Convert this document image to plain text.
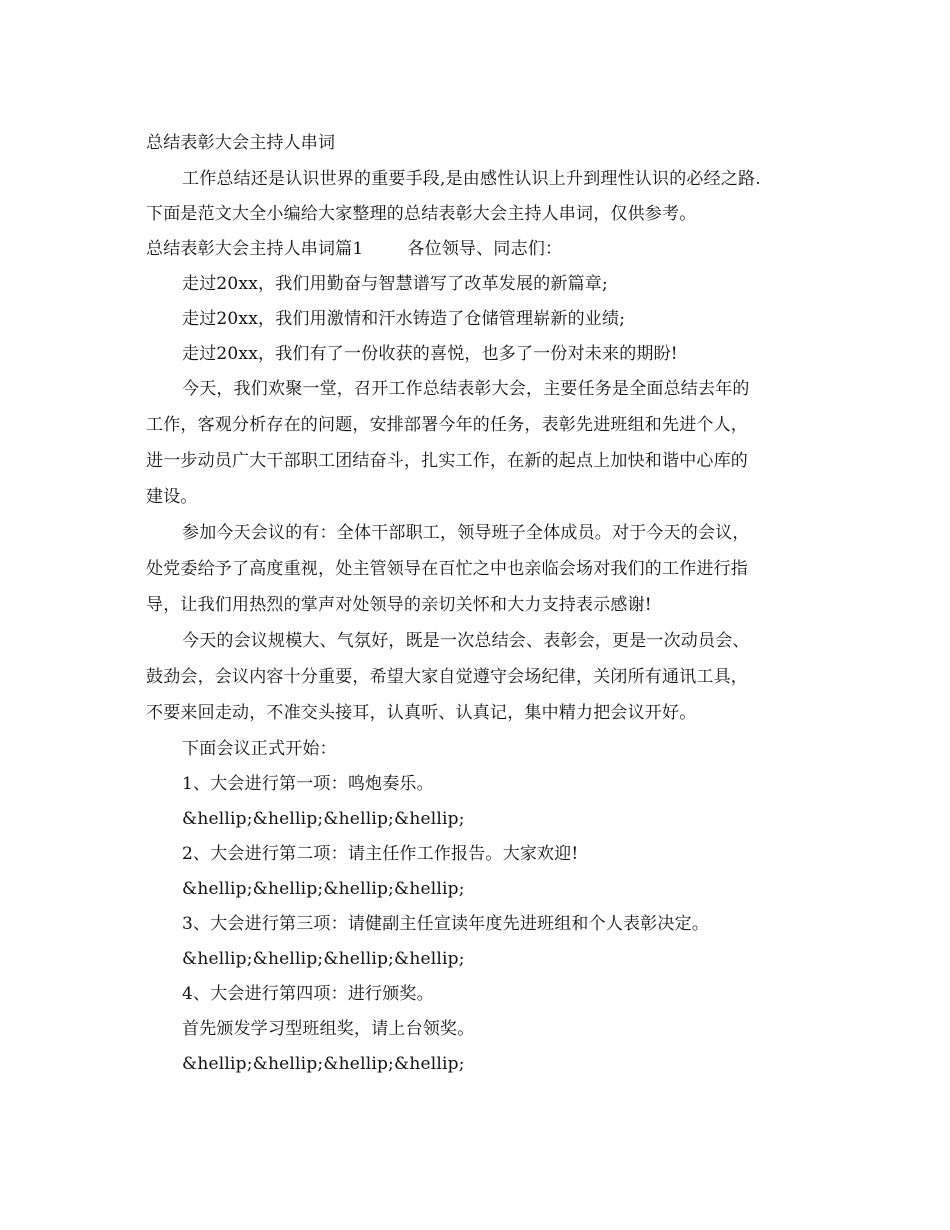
总结表彰大会主持人串词
工作总结还是认识世界的重要手段,是由感性认识上升到理性认识的必经之路.
下面是范文大全小编给大家整理的总结表彰大会主持人串词，仅供参考。
总结表彰大会主持人串词篇1	各位领导、同志们：
走过20xx，我们用勤奋与智慧谱写了改革发展的新篇章;
走过20xx，我们用激情和汗水铸造了仓储管理崭新的业绩;
走过20xx，我们有了一份收获的喜悦，也多了一份对未来的期盼!
今天，我们欢聚一堂，召开工作总结表彰大会，主要任务是全面总结去年的
工作，客观分析存在的问题，安排部署今年的任务，表彰先进班组和先进个人，
进一步动员广大干部职工团结奋斗，扎实工作，在新的起点上加快和谐中心库的
建设。
参加今天会议的有：全体干部职工，领导班子全体成员。对于今天的会议，
处党委给予了高度重视，处主管领导在百忙之中也亲临会场对我们的工作进行指
导，让我们用热烈的掌声对处领导的亲切关怀和大力支持表示感谢!
今天的会议规模大、气氛好，既是一次总结会、表彰会，更是一次动员会、
鼓劲会，会议内容十分重要，希望大家自觉遵守会场纪律，关闭所有通讯工具，
不要来回走动，不准交头接耳，认真听、认真记，集中精力把会议开好。
下面会议正式开始：
1、大会进行第一项：鸣炮奏乐。
&hellip;&hellip;&hellip;&hellip;
2、大会进行第二项：请主任作工作报告。大家欢迎!
&hellip;&hellip;&hellip;&hellip;
3、大会进行第三项：请健副主任宣读年度先进班组和个人表彰决定。
&hellip;&hellip;&hellip;&hellip;
4、大会进行第四项：进行颁奖。
首先颁发学习型班组奖，请上台领奖。
&hellip;&hellip;&hellip;&hellip;
